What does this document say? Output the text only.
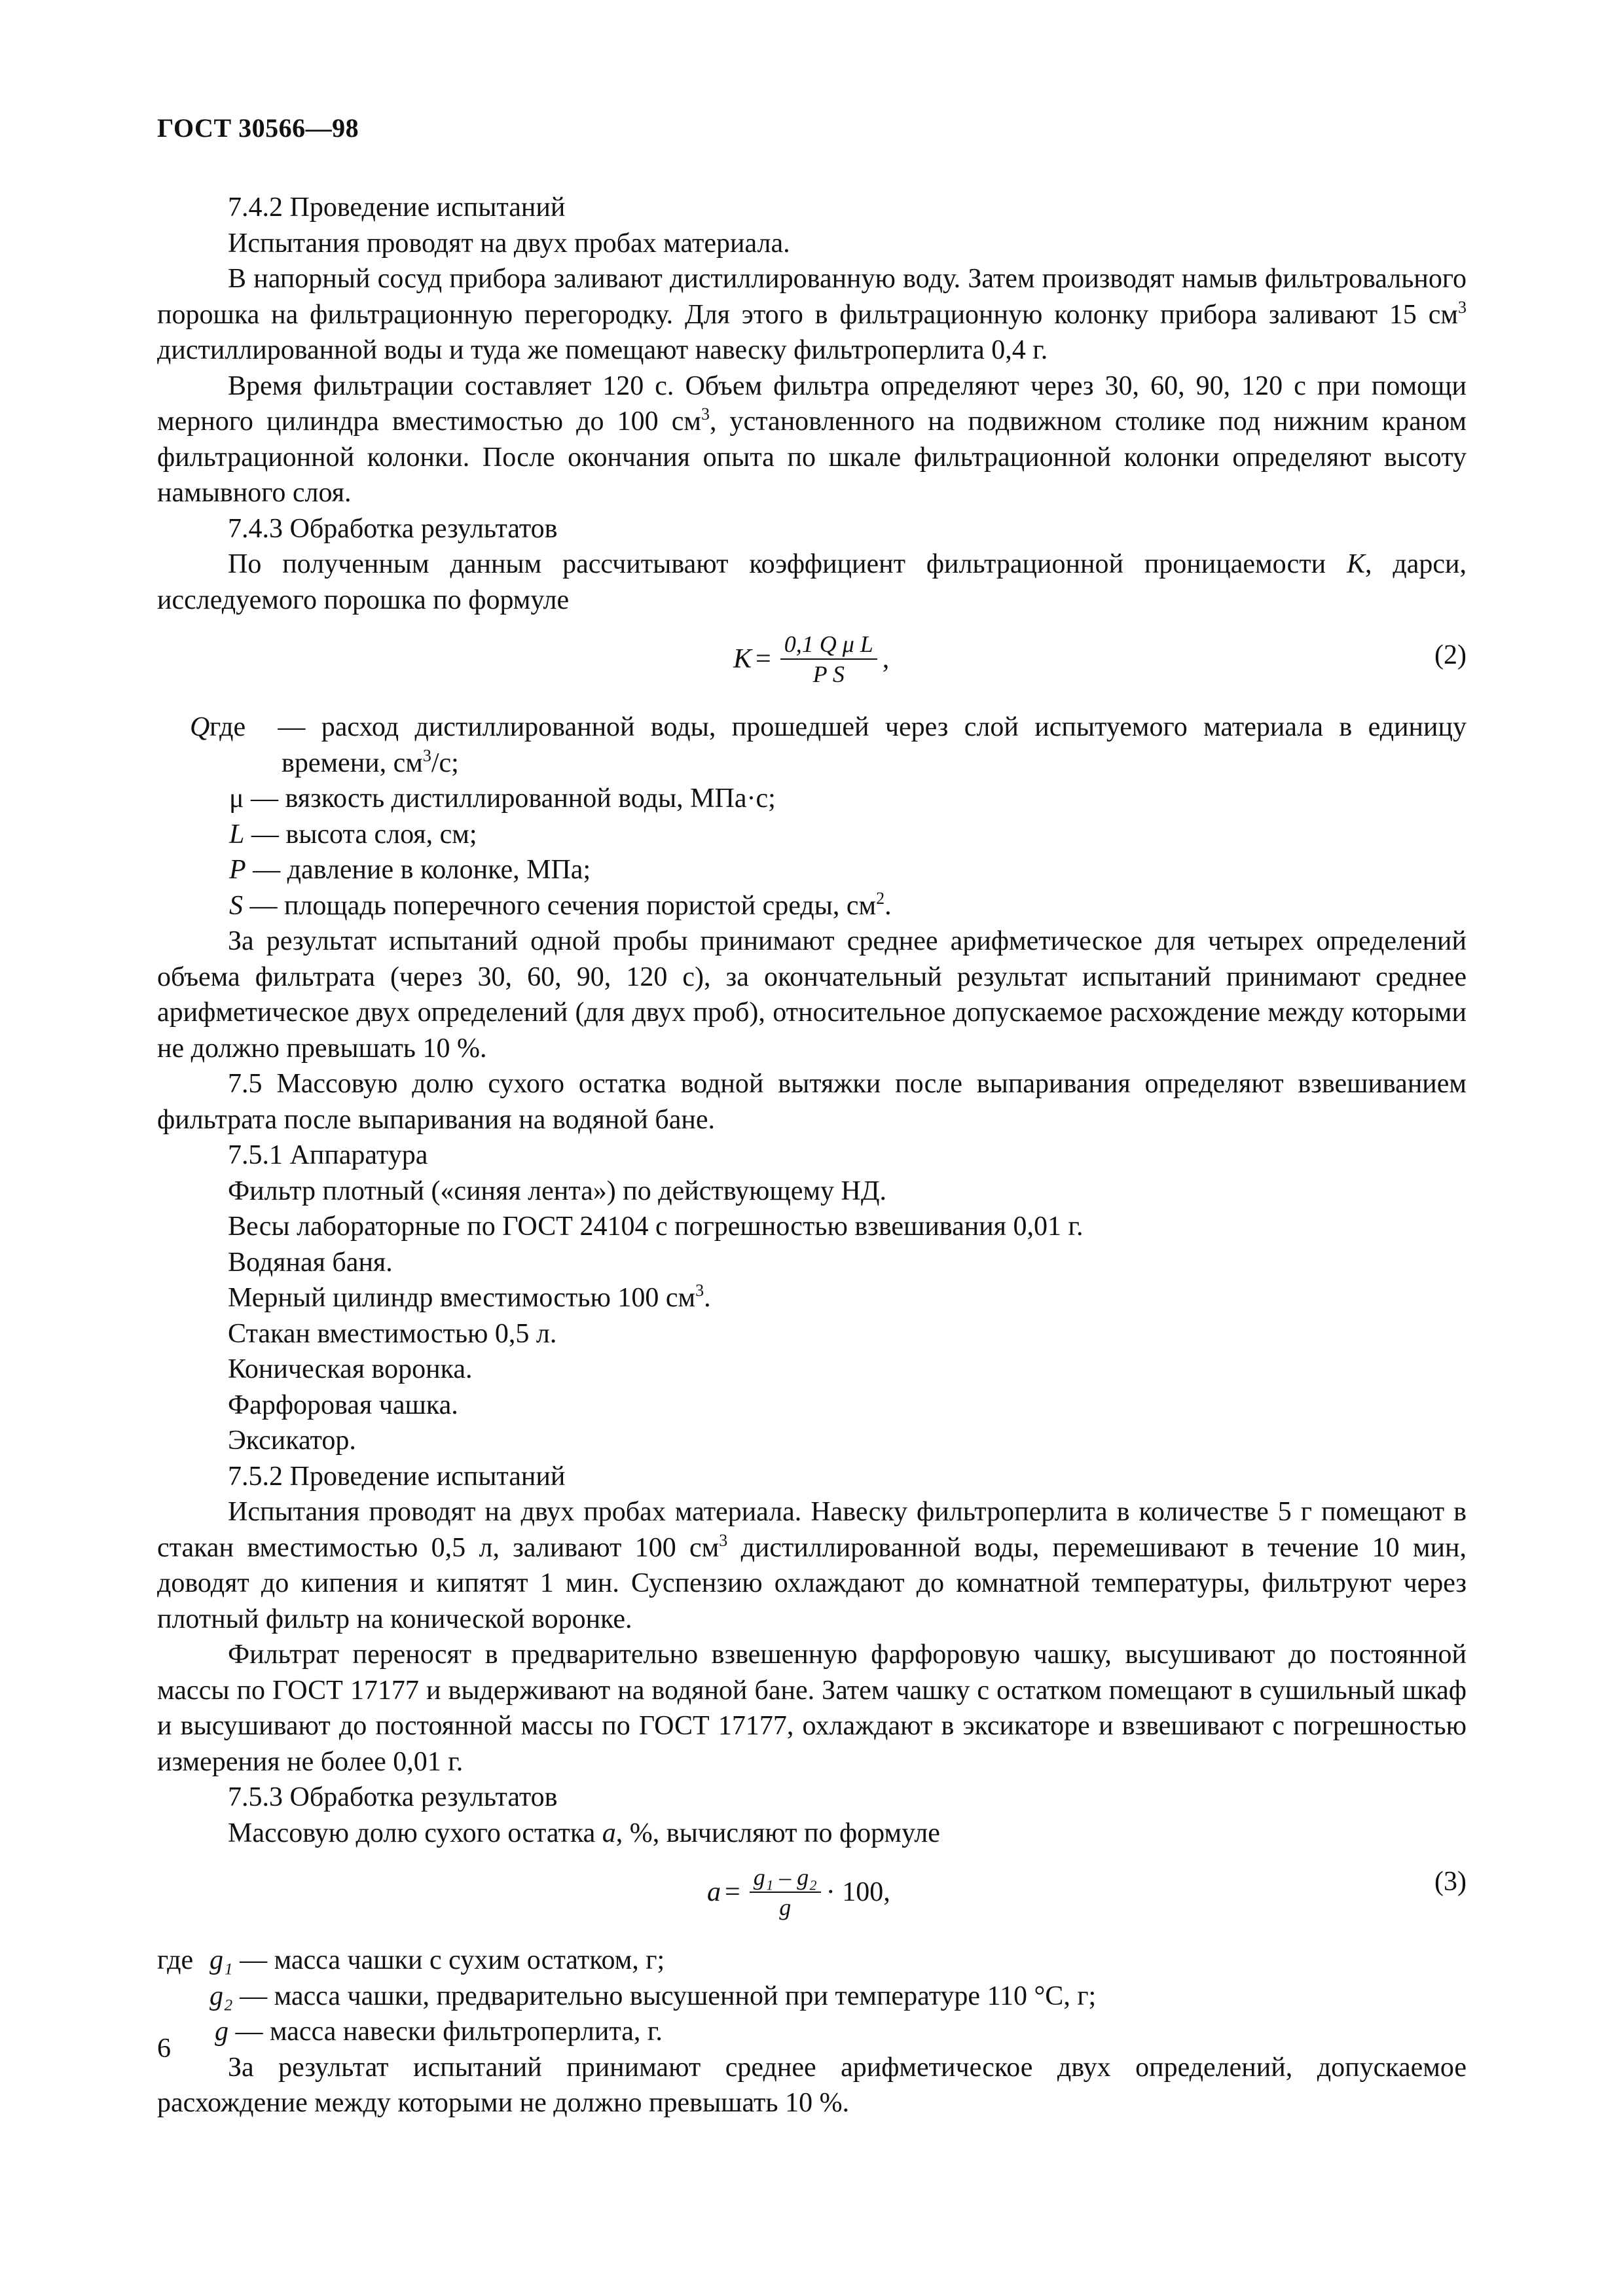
ГОСТ 30566—98

7.4.2 Проведение испытаний

Испытания проводят на двух пробах материала.

В напорный сосуд прибора заливают дистиллированную воду. Затем производят намыв фильтровального порошка на фильтрационную перегородку. Для этого в фильтрационную колонку прибора заливают 15 $см^3$ дистиллированной воды и туда же помещают навеску фильтроперлита 0,4 г.

Время фильтрации составляет 120 с. Объем фильтра определяют через 30, 60, 90, 120 с при помощи мерного цилиндра вместимостью до 100 $см^3$, установленного на подвижном столике под нижним краном фильтрационной колонки. После окончания опыта по шкале фильтрационной колонки определяют высоту намывного слоя.

7.4.3 Обработка результатов

По полученным данным рассчитывают коэффициент фильтрационной проницаемости K, дарси, исследуемого порошка по формуле

$K = \frac{\text{0,1 Q μ L}}{\text{P S}}$ ,	(2)
гдеQ — расход дистиллированной воды, прошедшей через слой испытуемого материала в единицу времени, $см^3/с$;
μ — вязкость дистиллированной воды, МПа·с;
L — высота слоя, см;
P — давление в колонке, МПа;
S — площадь поперечного сечения пористой среды, $см^2$.

За результат испытаний одной пробы принимают среднее арифметическое для четырех определений объема фильтрата (через 30, 60, 90, 120 с), за окончательный результат испытаний принимают среднее арифметическое двух определений (для двух проб), относительное допускаемое расхождение между которыми не должно превышать 10 %.

7.5 Массовую долю сухого остатка водной вытяжки после выпаривания определяют взвешиванием фильтрата после выпаривания на водяной бане.

7.5.1 Аппаратура

Фильтр плотный («синяя лента») по действующему НД.

Весы лабораторные по ГОСТ 24104 с погрешностью взвешивания 0,01 г.

Водяная баня.

Мерный цилиндр вместимостью 100 $см^3$.

Стакан вместимостью 0,5 л.

Коническая воронка.

Фарфоровая чашка.

Эксикатор.

7.5.2 Проведение испытаний

Испытания проводят на двух пробах материала. Навеску фильтроперлита в количестве 5 г помещают в стакан вместимостью 0,5 л, заливают 100 $см^3$ дистиллированной воды, перемешивают в течение 10 мин, доводят до кипения и кипятят 1 мин. Суспензию охлаждают до комнатной температуры, фильтруют через плотный фильтр на конической воронке.

Фильтрат переносят в предварительно взвешенную фарфоровую чашку, высушивают до постоянной массы по ГОСТ 17177 и выдерживают на водяной бане. Затем чашку с остатком помещают в сушильный шкаф и высушивают до постоянной массы по ГОСТ 17177, охлаждают в эксикаторе и взвешивают с погрешностью измерения не более 0,01 г.

7.5.3 Обработка результатов

Массовую долю сухого остатка a, %, вычисляют по формуле

$a = \frac{\text{g₁ – g₂}}{g} \cdot 100$,	(3)
где g₁ — масса чашки с сухим остатком, г;
g₂ — масса чашки, предварительно высушенной при температуре 110 °С, г;
g — масса навески фильтроперлита, г.

За результат испытаний принимают среднее арифметическое двух определений, допускаемое расхождение между которыми не должно превышать 10 %.

6
